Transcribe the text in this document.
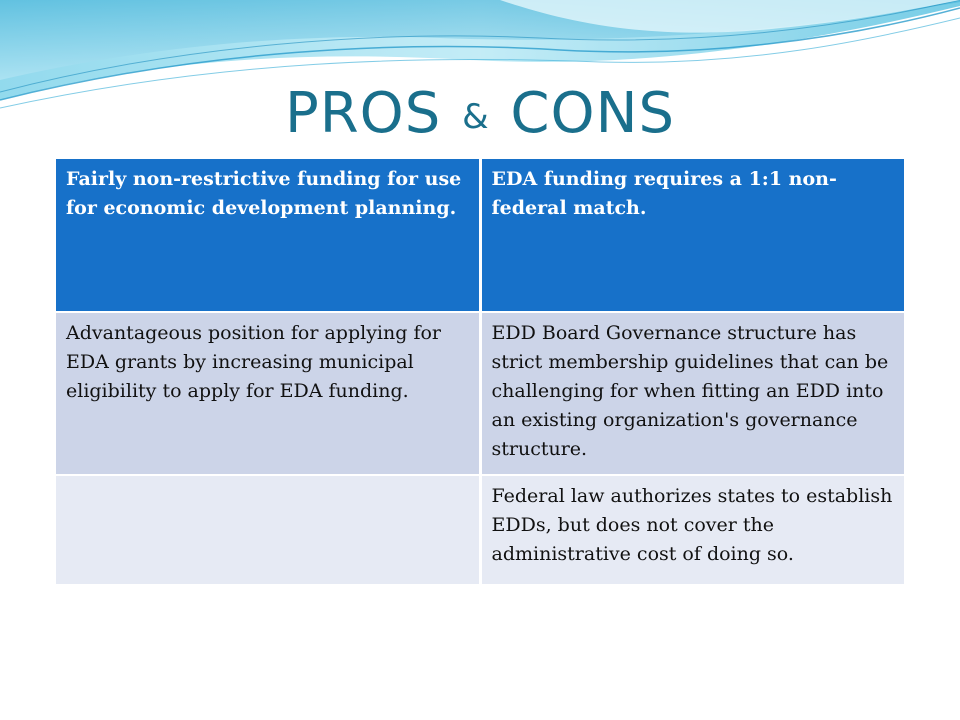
PROS & CONS
Fairly non-restrictive funding for use for economic development planning.	EDA funding requires a 1:1 non-federal match.
Advantageous position for applying for EDA grants by increasing municipal eligibility to apply for EDA funding.	EDD Board Governance structure has strict membership guidelines that can be challenging for when fitting an EDD into an existing organization's governance structure.
	Federal law authorizes states to establish EDDs, but does not cover the administrative cost of doing so.
